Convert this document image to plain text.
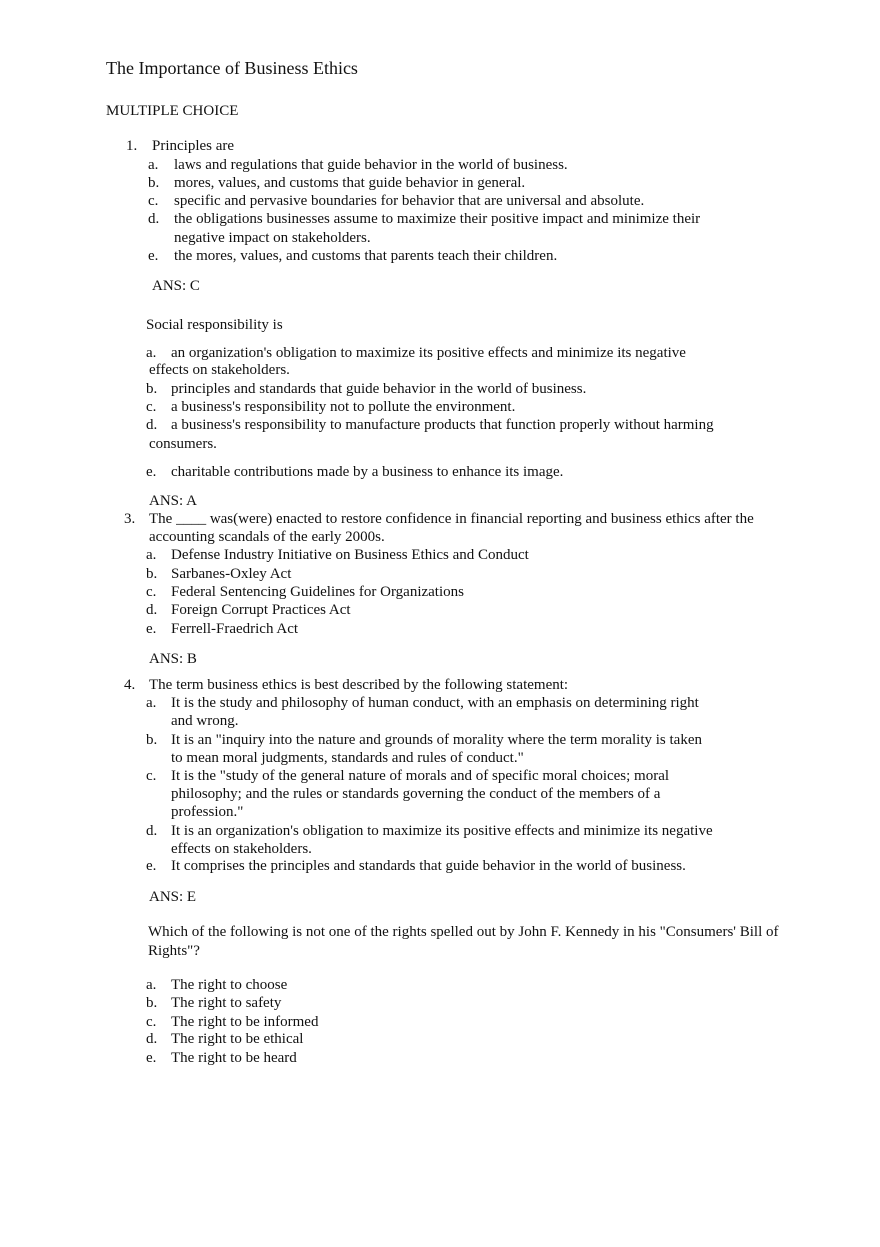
The Importance of Business Ethics
MULTIPLE CHOICE
1. Principles are
a. laws and regulations that guide behavior in the world of business.
b. mores, values, and customs that guide behavior in general.
c. specific and pervasive boundaries for behavior that are universal and absolute.
d. the obligations businesses assume to maximize their positive impact and minimize their
negative impact on stakeholders.
e. the mores, values, and customs that parents teach their children.
ANS: C
Social responsibility is
a. an organization's obligation to maximize its positive effects and minimize its negative
effects on stakeholders.
b. principles and standards that guide behavior in the world of business.
c. a business's responsibility not to pollute the environment.
d. a business's responsibility to manufacture products that function properly without harming
consumers.
e. charitable contributions made by a business to enhance its image.
ANS: A
3. The ____ was(were) enacted to restore confidence in financial reporting and business ethics after the
accounting scandals of the early 2000s.
a. Defense Industry Initiative on Business Ethics and Conduct
b. Sarbanes-Oxley Act
c. Federal Sentencing Guidelines for Organizations
d. Foreign Corrupt Practices Act
e. Ferrell-Fraedrich Act
ANS: B
4. The term business ethics is best described by the following statement:
a. It is the study and philosophy of human conduct, with an emphasis on determining right
and wrong.
b. It is an "inquiry into the nature and grounds of morality where the term morality is taken
to mean moral judgments, standards and rules of conduct."
c. It is the "study of the general nature of morals and of specific moral choices; moral
philosophy; and the rules or standards governing the conduct of the members of a
profession."
d. It is an organization's obligation to maximize its positive effects and minimize its negative
effects on stakeholders.
e. It comprises the principles and standards that guide behavior in the world of business.
ANS: E
Which of the following is not one of the rights spelled out by John F. Kennedy in his "Consumers' Bill of
Rights"?
a. The right to choose
b. The right to safety
c. The right to be informed
d. The right to be ethical
e. The right to be heard
